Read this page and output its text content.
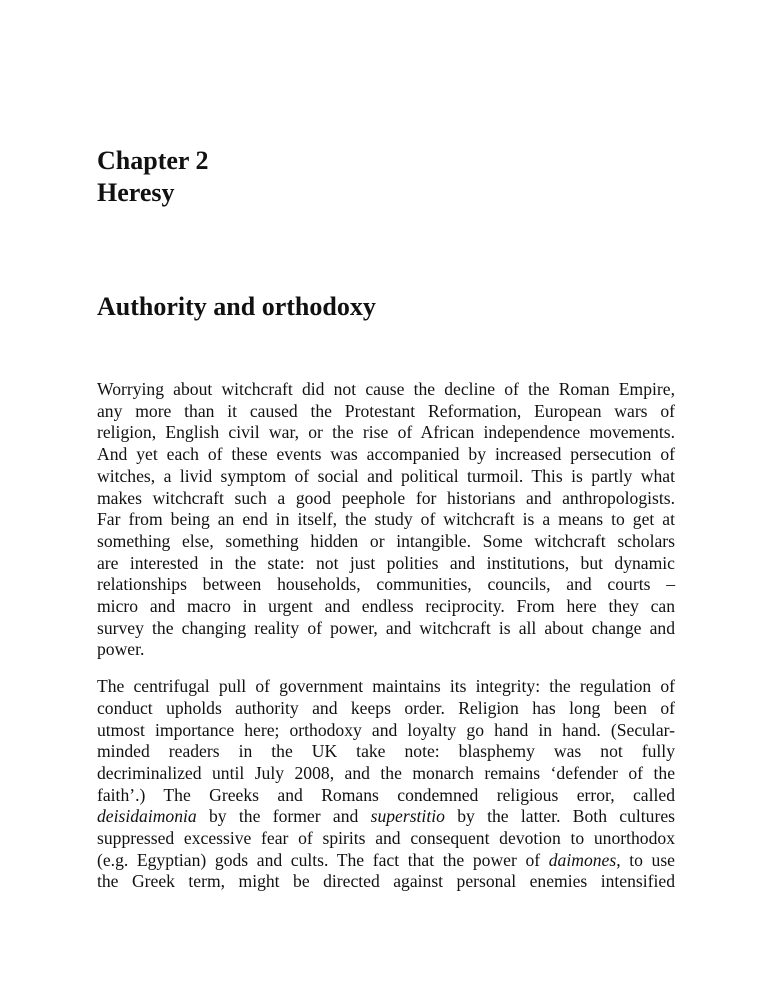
Chapter 2
Heresy
Authority and orthodoxy

Worrying about witchcraft did not cause the decline of the Roman Empire,
any more than it caused the Protestant Reformation, European wars of
religion, English civil war, or the rise of African independence movements.
And yet each of these events was accompanied by increased persecution of
witches, a livid symptom of social and political turmoil. This is partly what
makes witchcraft such a good peephole for historians and anthropologists.
Far from being an end in itself, the study of witchcraft is a means to get at
something else, something hidden or intangible. Some witchcraft scholars
are interested in the state: not just polities and institutions, but dynamic
relationships between households, communities, councils, and courts –
micro and macro in urgent and endless reciprocity. From here they can
survey the changing reality of power, and witchcraft is all about change and
power.

The centrifugal pull of government maintains its integrity: the regulation of
conduct upholds authority and keeps order. Religion has long been of
utmost importance here; orthodoxy and loyalty go hand in hand. (Secular-
minded readers in the UK take note: blasphemy was not fully
decriminalized until July 2008, and the monarch remains ‘defender of the
faith’.) The Greeks and Romans condemned religious error, called
deisidaimonia by the former and superstitio by the latter. Both cultures
suppressed excessive fear of spirits and consequent devotion to unorthodox
(e.g. Egyptian) gods and cults. The fact that the power of daimones, to use
the Greek term, might be directed against personal enemies intensified
